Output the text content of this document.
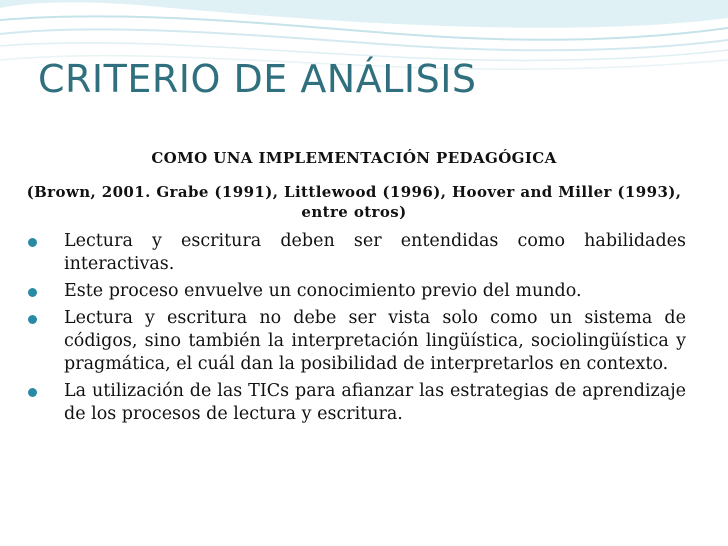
CRITERIO DE ANÁLISIS

COMO UNA IMPLEMENTACIÓN PEDAGÓGICA

(Brown, 2001. Grabe (1991), Littlewood (1996), Hoover and Miller (1993), entre otros)

Lectura y escritura deben ser entendidas como habilidades interactivas.
Este proceso envuelve un conocimiento previo del mundo.
Lectura y escritura no debe ser vista solo como un sistema de códigos, sino también la interpretación lingüística, sociolingüística y pragmática, el cuál dan la posibilidad de interpretarlos en contexto.
La utilización de las TICs para afianzar las estrategias de aprendizaje de los procesos de lectura y escritura.
